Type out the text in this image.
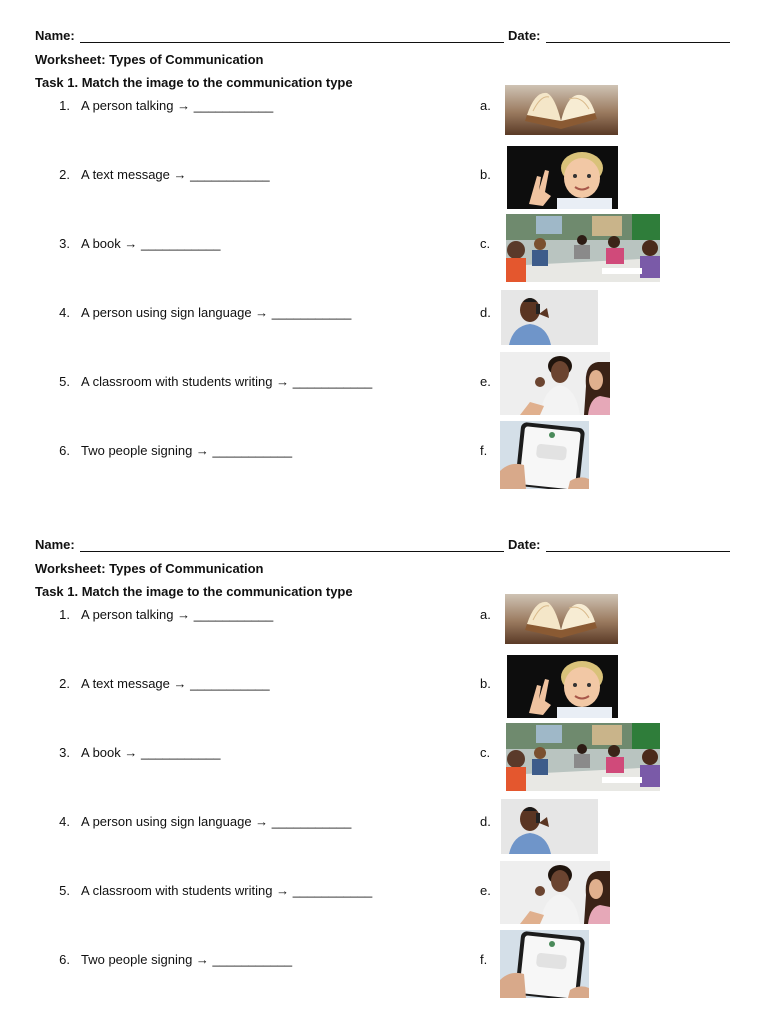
Name:	Date:
Worksheet: Types of Communication
Task 1. Match the image to the communication type
1. A person talking → ___________
2. A text message → ___________
3. A book → ___________
4. A person using sign language → ___________
5. A classroom with students writing → ___________
6. Two people signing → ___________
a.
b.
c.
d.
e.
f.
Name:	Date:
Worksheet: Types of Communication
Task 1. Match the image to the communication type
1. A person talking → ___________
2. A text message → ___________
3. A book → ___________
4. A person using sign language → ___________
5. A classroom with students writing → ___________
6. Two people signing → ___________
a.
b.
c.
d.
e.
f.
